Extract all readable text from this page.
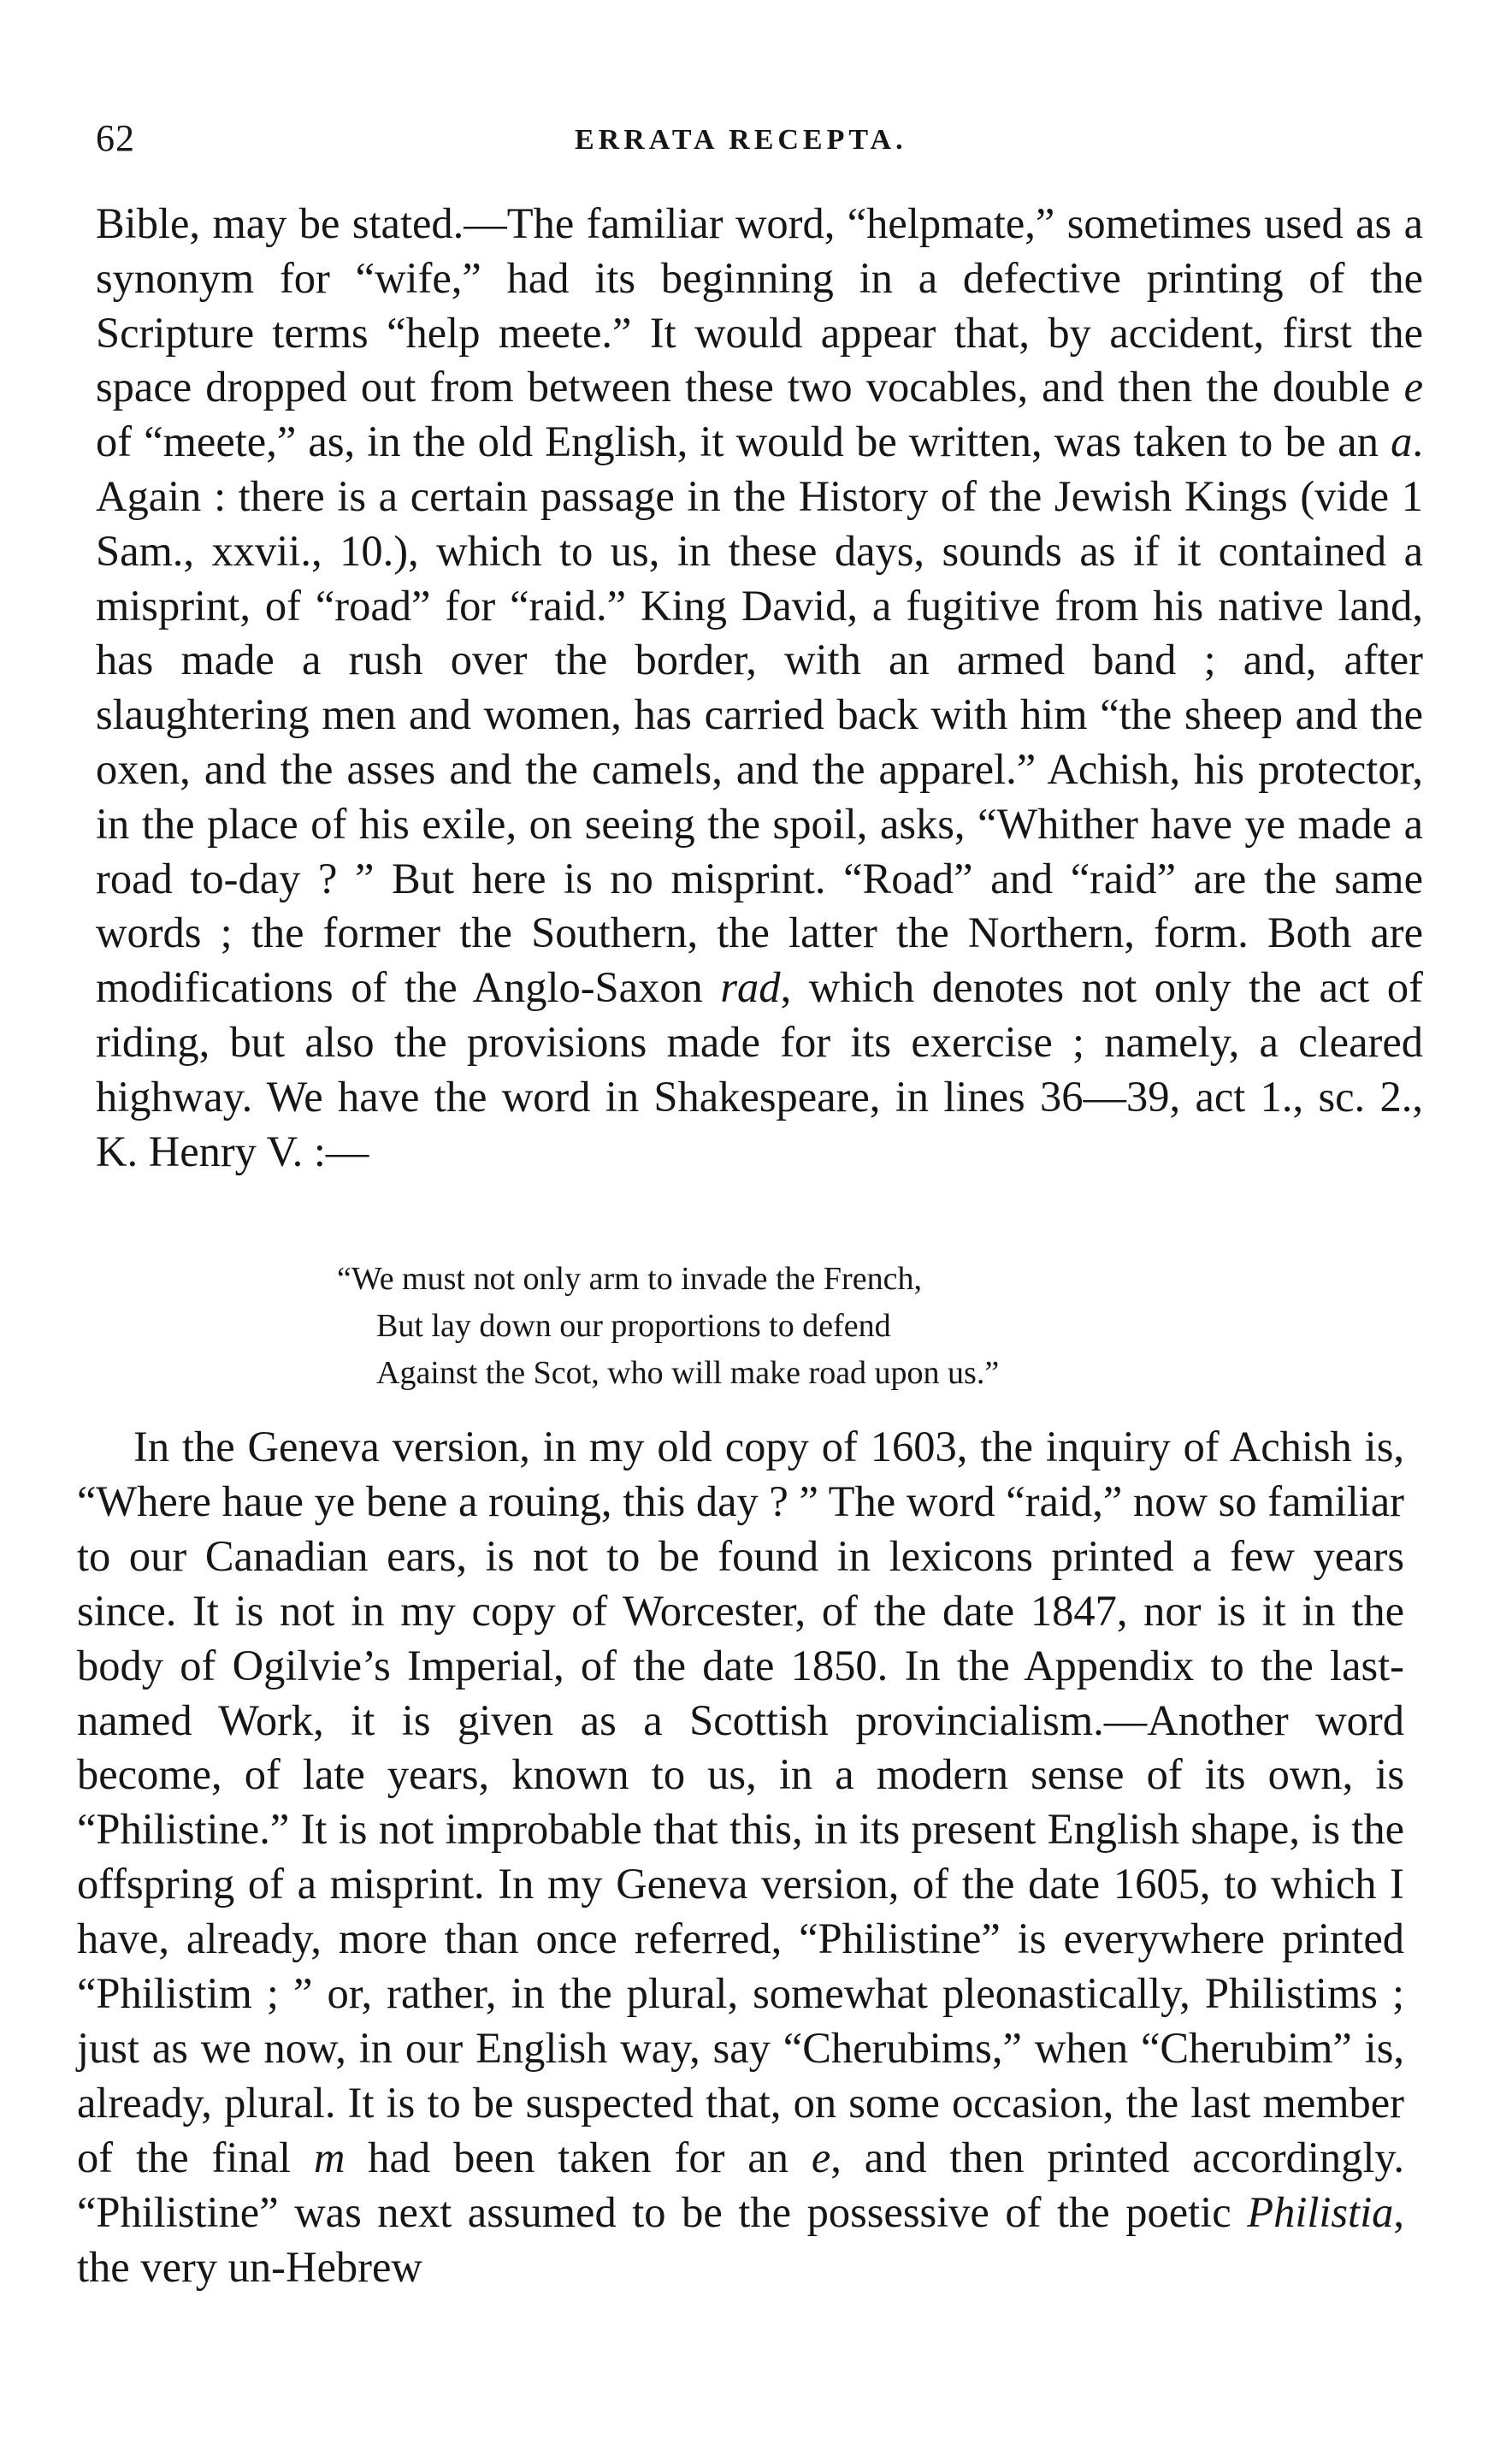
62	ERRATA RECEPTA.

Bible, may be stated.—The familiar word, “helpmate,” sometimes used as a synonym for “wife,” had its beginning in a defective printing of the Scripture terms “help meete.” It would appear that, by accident, first the space dropped out from between these two vocables, and then the double e of “meete,” as, in the old English, it would be written, was taken to be an a. Again : there is a certain passage in the History of the Jewish Kings (vide 1 Sam., xxvii., 10.), which to us, in these days, sounds as if it contained a misprint, of “road” for “raid.” King David, a fugitive from his native land, has made a rush over the border, with an armed band ; and, after slaughtering men and women, has carried back with him “the sheep and the oxen, and the asses and the camels, and the apparel.” Achish, his protector, in the place of his exile, on seeing the spoil, asks, “Whither have ye made a road to-day ? ” But here is no misprint. “Road” and “raid” are the same words ; the former the Southern, the latter the Northern, form. Both are modifications of the Anglo-Saxon rad, which denotes not only the act of riding, but also the provisions made for its exercise ; namely, a cleared highway. We have the word in Shakespeare, in lines 36—39, act 1., sc. 2., K. Henry V. :—

“We must not only arm to invade the French,
But lay down our proportions to defend
Against the Scot, who will make road upon us.”

In the Geneva version, in my old copy of 1603, the inquiry of Achish is, “Where haue ye bene a rouing, this day ? ” The word “raid,” now so familiar to our Canadian ears, is not to be found in lexicons printed a few years since. It is not in my copy of Worcester, of the date 1847, nor is it in the body of Ogilvie’s Imperial, of the date 1850. In the Appendix to the last-named Work, it is given as a Scottish provincialism.—Another word become, of late years, known to us, in a modern sense of its own, is “Philistine.” It is not improbable that this, in its present English shape, is the offspring of a misprint. In my Geneva version, of the date 1605, to which I have, already, more than once referred, “Philistine” is everywhere printed “Philistim ; ” or, rather, in the plural, somewhat pleonastically, Philistims ; just as we now, in our English way, say “Cherubims,” when “Cherubim” is, already, plural. It is to be suspected that, on some occasion, the last member of the final m had been taken for an e, and then printed accordingly. “Philistine” was next assumed to be the possessive of the poetic Philistia, the very un-Hebrew
